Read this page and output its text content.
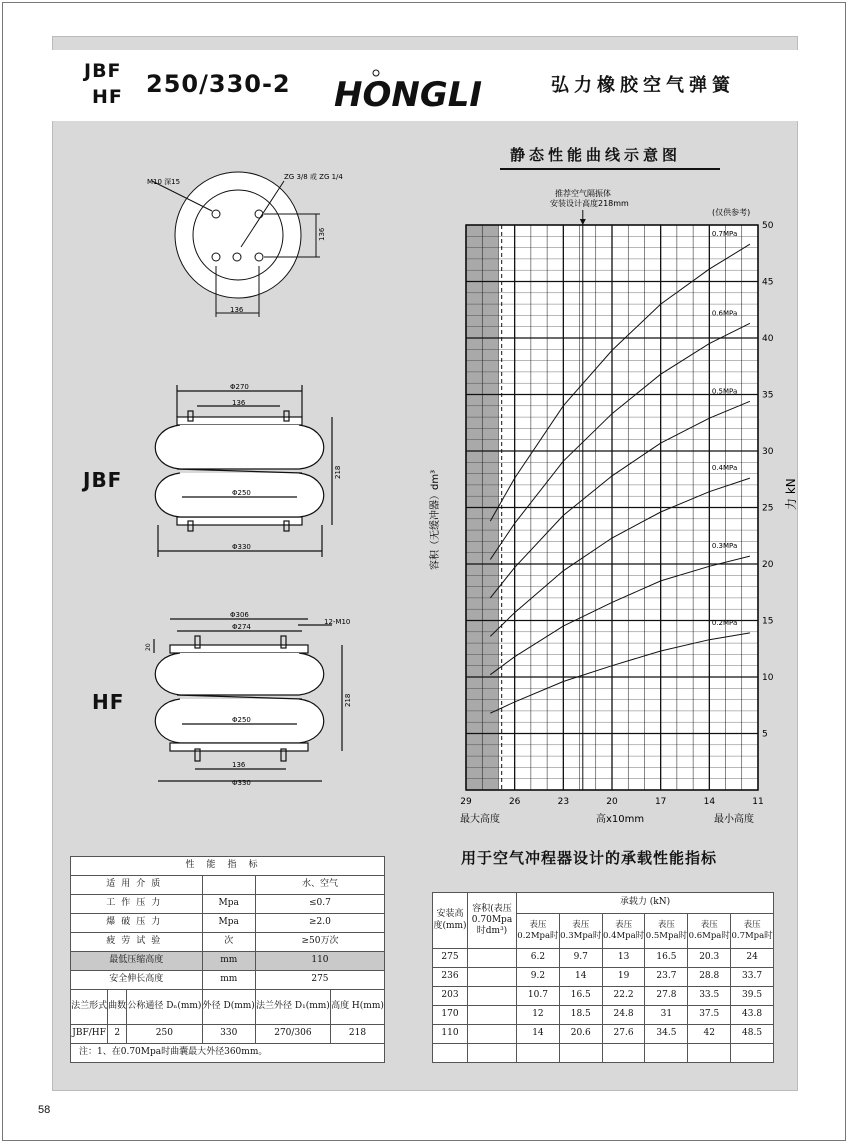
JBF
HF 250/330-2 HONGLI	弘力橡胶空气弹簧
M10 深15
ZG 3/8 或 ZG 1/4
136
136
Φ270
136
Φ250
Φ330
218
Φ306
Φ274
12-M10
20
Φ250
136
Φ330
218
JBF
HF
静态性能曲线示意图
推荐空气隔振体
安装设计高度218mm
(仅供参考)
容积（无缓冲器）dm³	力 kN
最大高度	高x10mm	最小高度
29	26	23	20	17	14	11
5
10
15
20
25
30
35
40
45
50
0.2MPa
0.3MPa
0.4MPa
0.5MPa
0.6MPa
0.7MPa
性能指标					
适用介质				水、空气	
工作压力			Mpa	≤0.7	
爆破压力			Mpa	≥2.0	
疲劳试验			次	≥50万次	
最低压缩高度			mm	110	
安全伸长高度			mm	275	
法兰形式	曲数	公称通径 Dₙ(mm)	外径 D(mm)	法兰外径 D₁(mm)	高度 H(mm)
JBF/HF	2	250	330	270/306	218
注：1、在0.70Mpa时曲囊最大外径360mm。					
用于空气冲程器设计的承载性能指标
安装高度(mm)	容积(表压0.70Mpa时dm³)	承载力 (kN)					
		表压0.2Mpa时	表压0.3Mpa时	表压0.4Mpa时	表压0.5Mpa时	表压0.6Mpa时	表压0.7Mpa时
275		6.2	9.7	13	16.5	20.3	24
236		9.2	14	19	23.7	28.8	33.7
203		10.7	16.5	22.2	27.8	33.5	39.5
170		12	18.5	24.8	31	37.5	43.8
110		14	20.6	27.6	34.5	42	48.5

58
